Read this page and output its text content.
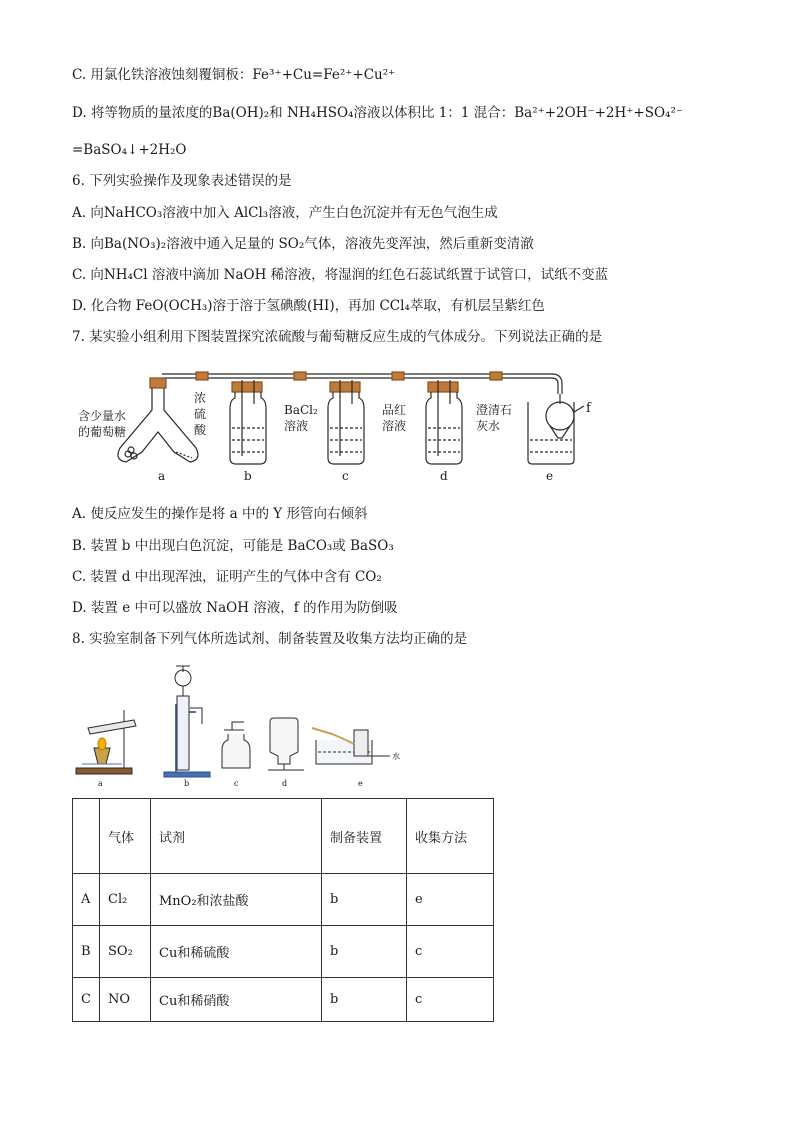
C. 用氯化铁溶液蚀刻覆铜板：Fe³⁺+Cu=Fe²⁺+Cu²⁺
D. 将等物质的量浓度的Ba(OH)₂和 NH₄HSO₄溶液以体积比 1：1 混合：Ba²⁺+2OH⁻+2H⁺+SO₄²⁻
=BaSO₄↓+2H₂O
6. 下列实验操作及现象表述错误的是
A. 向NaHCO₃溶液中加入 AlCl₃溶液，产生白色沉淀并有无色气泡生成
B. 向Ba(NO₃)₂溶液中通入足量的 SO₂气体，溶液先变浑浊，然后重新变清澈
C. 向NH₄Cl 溶液中滴加 NaOH 稀溶液，将湿润的红色石蕊试纸置于试管口，试纸不变蓝
D. 化合物 FeO(OCH₃)溶于溶于氢碘酸(HI)，再加 CCl₄萃取，有机层呈紫红色
7. 某实验小组利用下图装置探究浓硫酸与葡萄糖反应生成的气体成分。下列说法正确的是
含少量水
的葡萄糖
浓
硫
酸
BaCl₂
溶液
品红
溶液
澄清石
灰水
f
a	b	c	d	e
A. 使反应发生的操作是将 a 中的 Y 形管向右倾斜
B. 装置 b 中出现白色沉淀，可能是 BaCO₃或 BaSO₃
C. 装置 d 中出现浑浊，证明产生的气体中含有 CO₂
D. 装置 e 中可以盛放 NaOH 溶液，f 的作用为防倒吸
8. 实验室制备下列气体所选试剂、制备装置及收集方法均正确的是
水
a	b	c	d	e
	气体	试剂	制备装置	收集方法
A	Cl₂	MnO₂和浓盐酸	b	e
B	SO₂	Cu和稀硫酸	b	c
C	NO	Cu和稀硝酸	b	c
